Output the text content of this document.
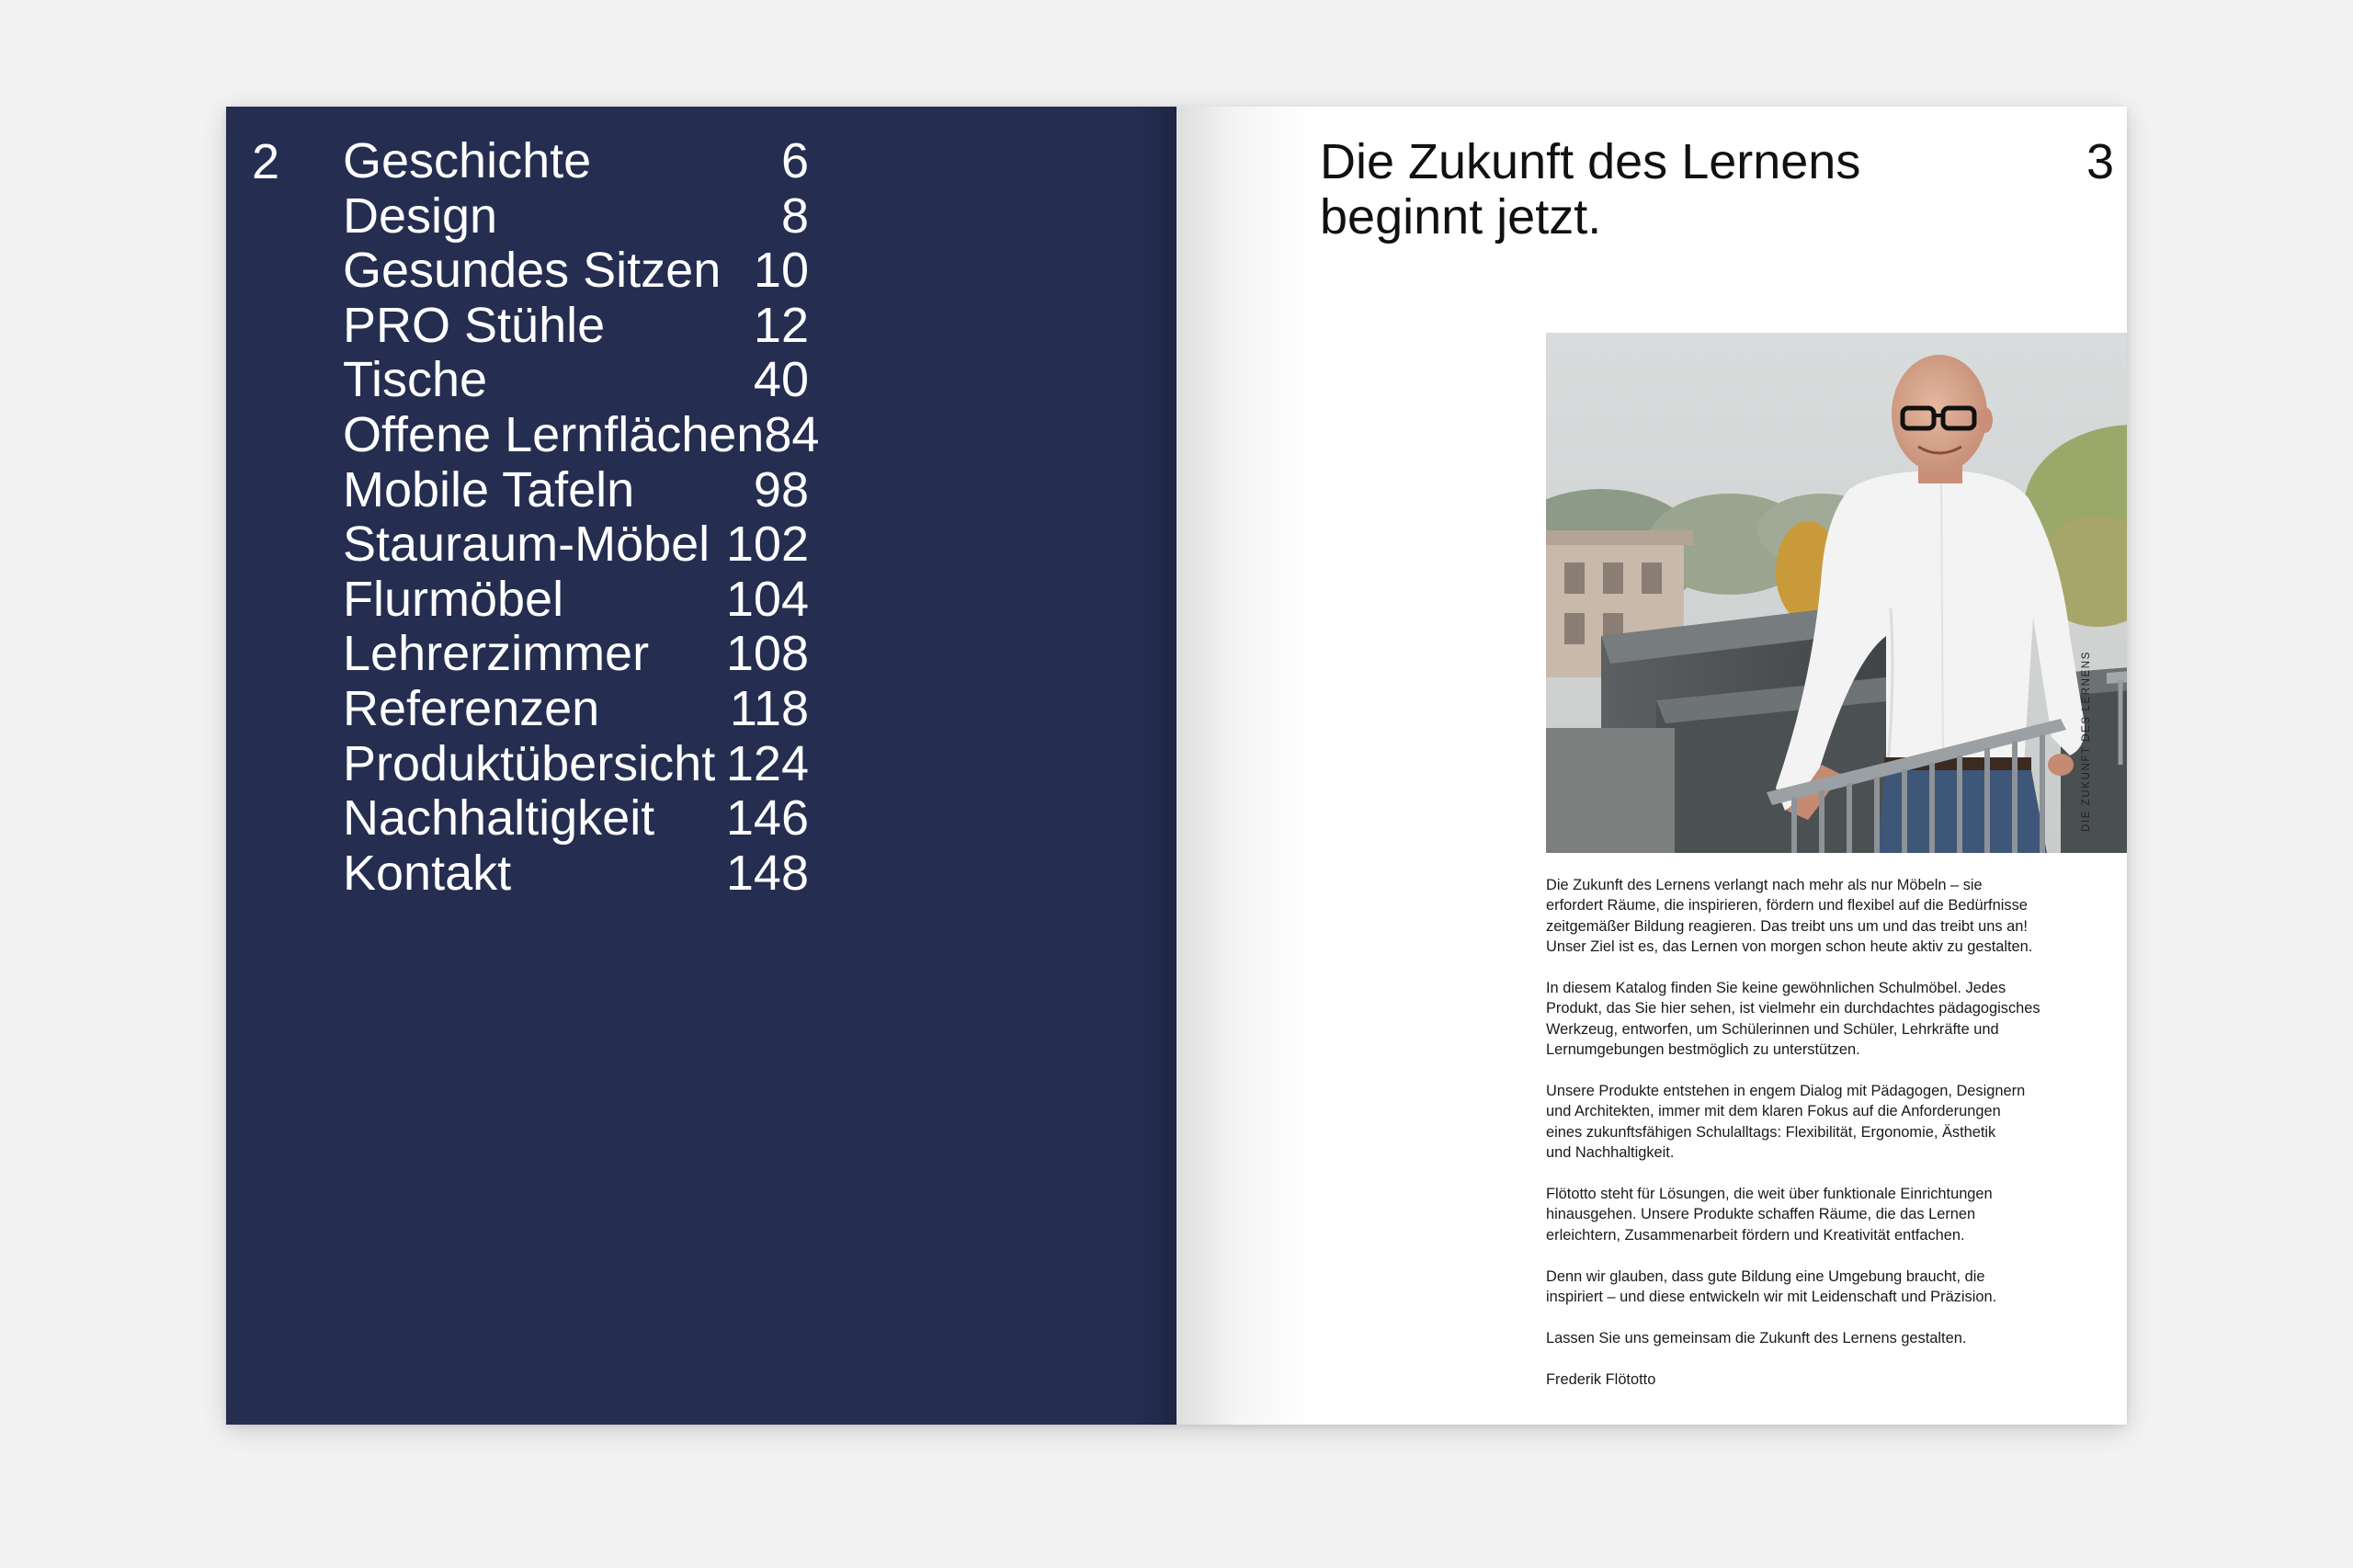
2 Geschichte	6
Design	8
Gesundes Sitzen 10
PRO Stühle	12
Tische	40
Offene Lernflächen 84
Mobile Tafeln 98
Stauraum-Möbel 102
Flurmöbel	104
Lehrerzimmer 108
Referenzen	118
Produktübersicht 124
Nachhaltigkeit 146
Kontakt	148
Die Zukunft des Lernens
beginnt jetzt.
3

Die Zukunft des Lernens verlangt nach mehr als nur Möbeln – sie
erfordert Räume, die inspirieren, fördern und flexibel auf die Bedürfnisse
zeitgemäßer Bildung reagieren. Das treibt uns um und das treibt uns an!
Unser Ziel ist es, das Lernen von morgen schon heute aktiv zu gestalten.

In diesem Katalog finden Sie keine gewöhnlichen Schulmöbel. Jedes
Produkt, das Sie hier sehen, ist vielmehr ein durchdachtes pädagogisches
Werkzeug, entworfen, um Schülerinnen und Schüler, Lehrkräfte und
Lernumgebungen bestmöglich zu unterstützen.

Unsere Produkte entstehen in engem Dialog mit Pädagogen, Designern
und Architekten, immer mit dem klaren Fokus auf die Anforderungen
eines zukunftsfähigen Schulalltags: Flexibilität, Ergonomie, Ästhetik
und Nachhaltigkeit.

Flötotto steht für Lösungen, die weit über funktionale Einrichtungen
hinausgehen. Unsere Produkte schaffen Räume, die das Lernen
erleichtern, Zusammenarbeit fördern und Kreativität entfachen.

Denn wir glauben, dass gute Bildung eine Umgebung braucht, die
inspiriert – und diese entwickeln wir mit Leidenschaft und Präzision.

Lassen Sie uns gemeinsam die Zukunft des Lernens gestalten.

Frederik Flötotto

DIE ZUKUNFT DES LERNENS
